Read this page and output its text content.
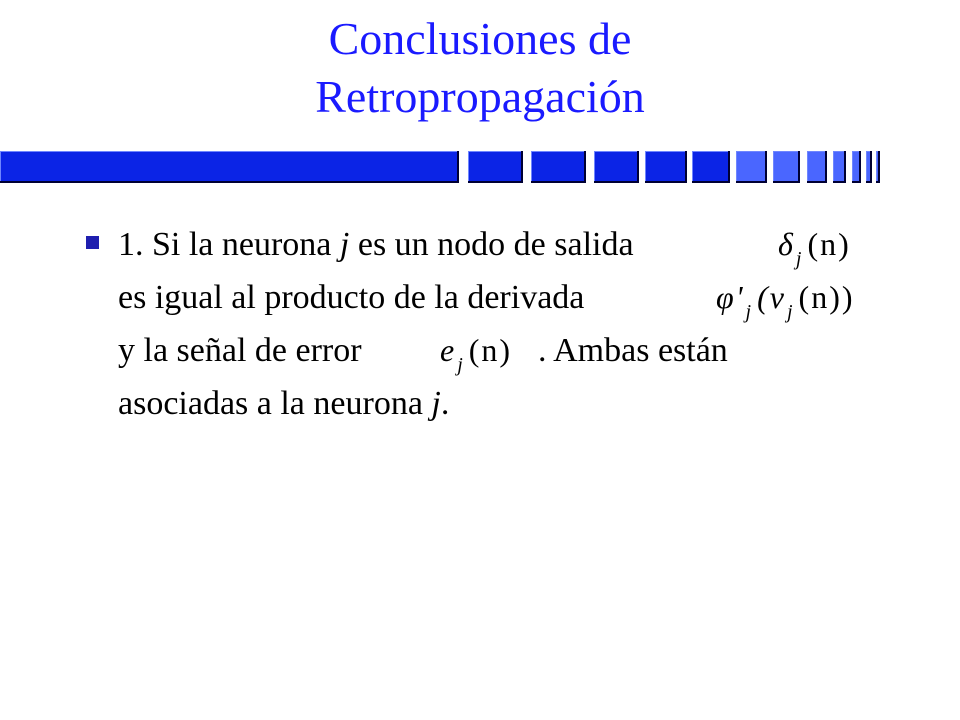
Conclusiones de
Retropropagación
1. Si la neurona j es un nodo de salida	$\delta_j$ (n)
es igual al producto de la derivada	$\varphi'_j$ ($v_j$ (n))
y la señal de error $e_j$ (n) . Ambas están
asociadas a la neurona j.
